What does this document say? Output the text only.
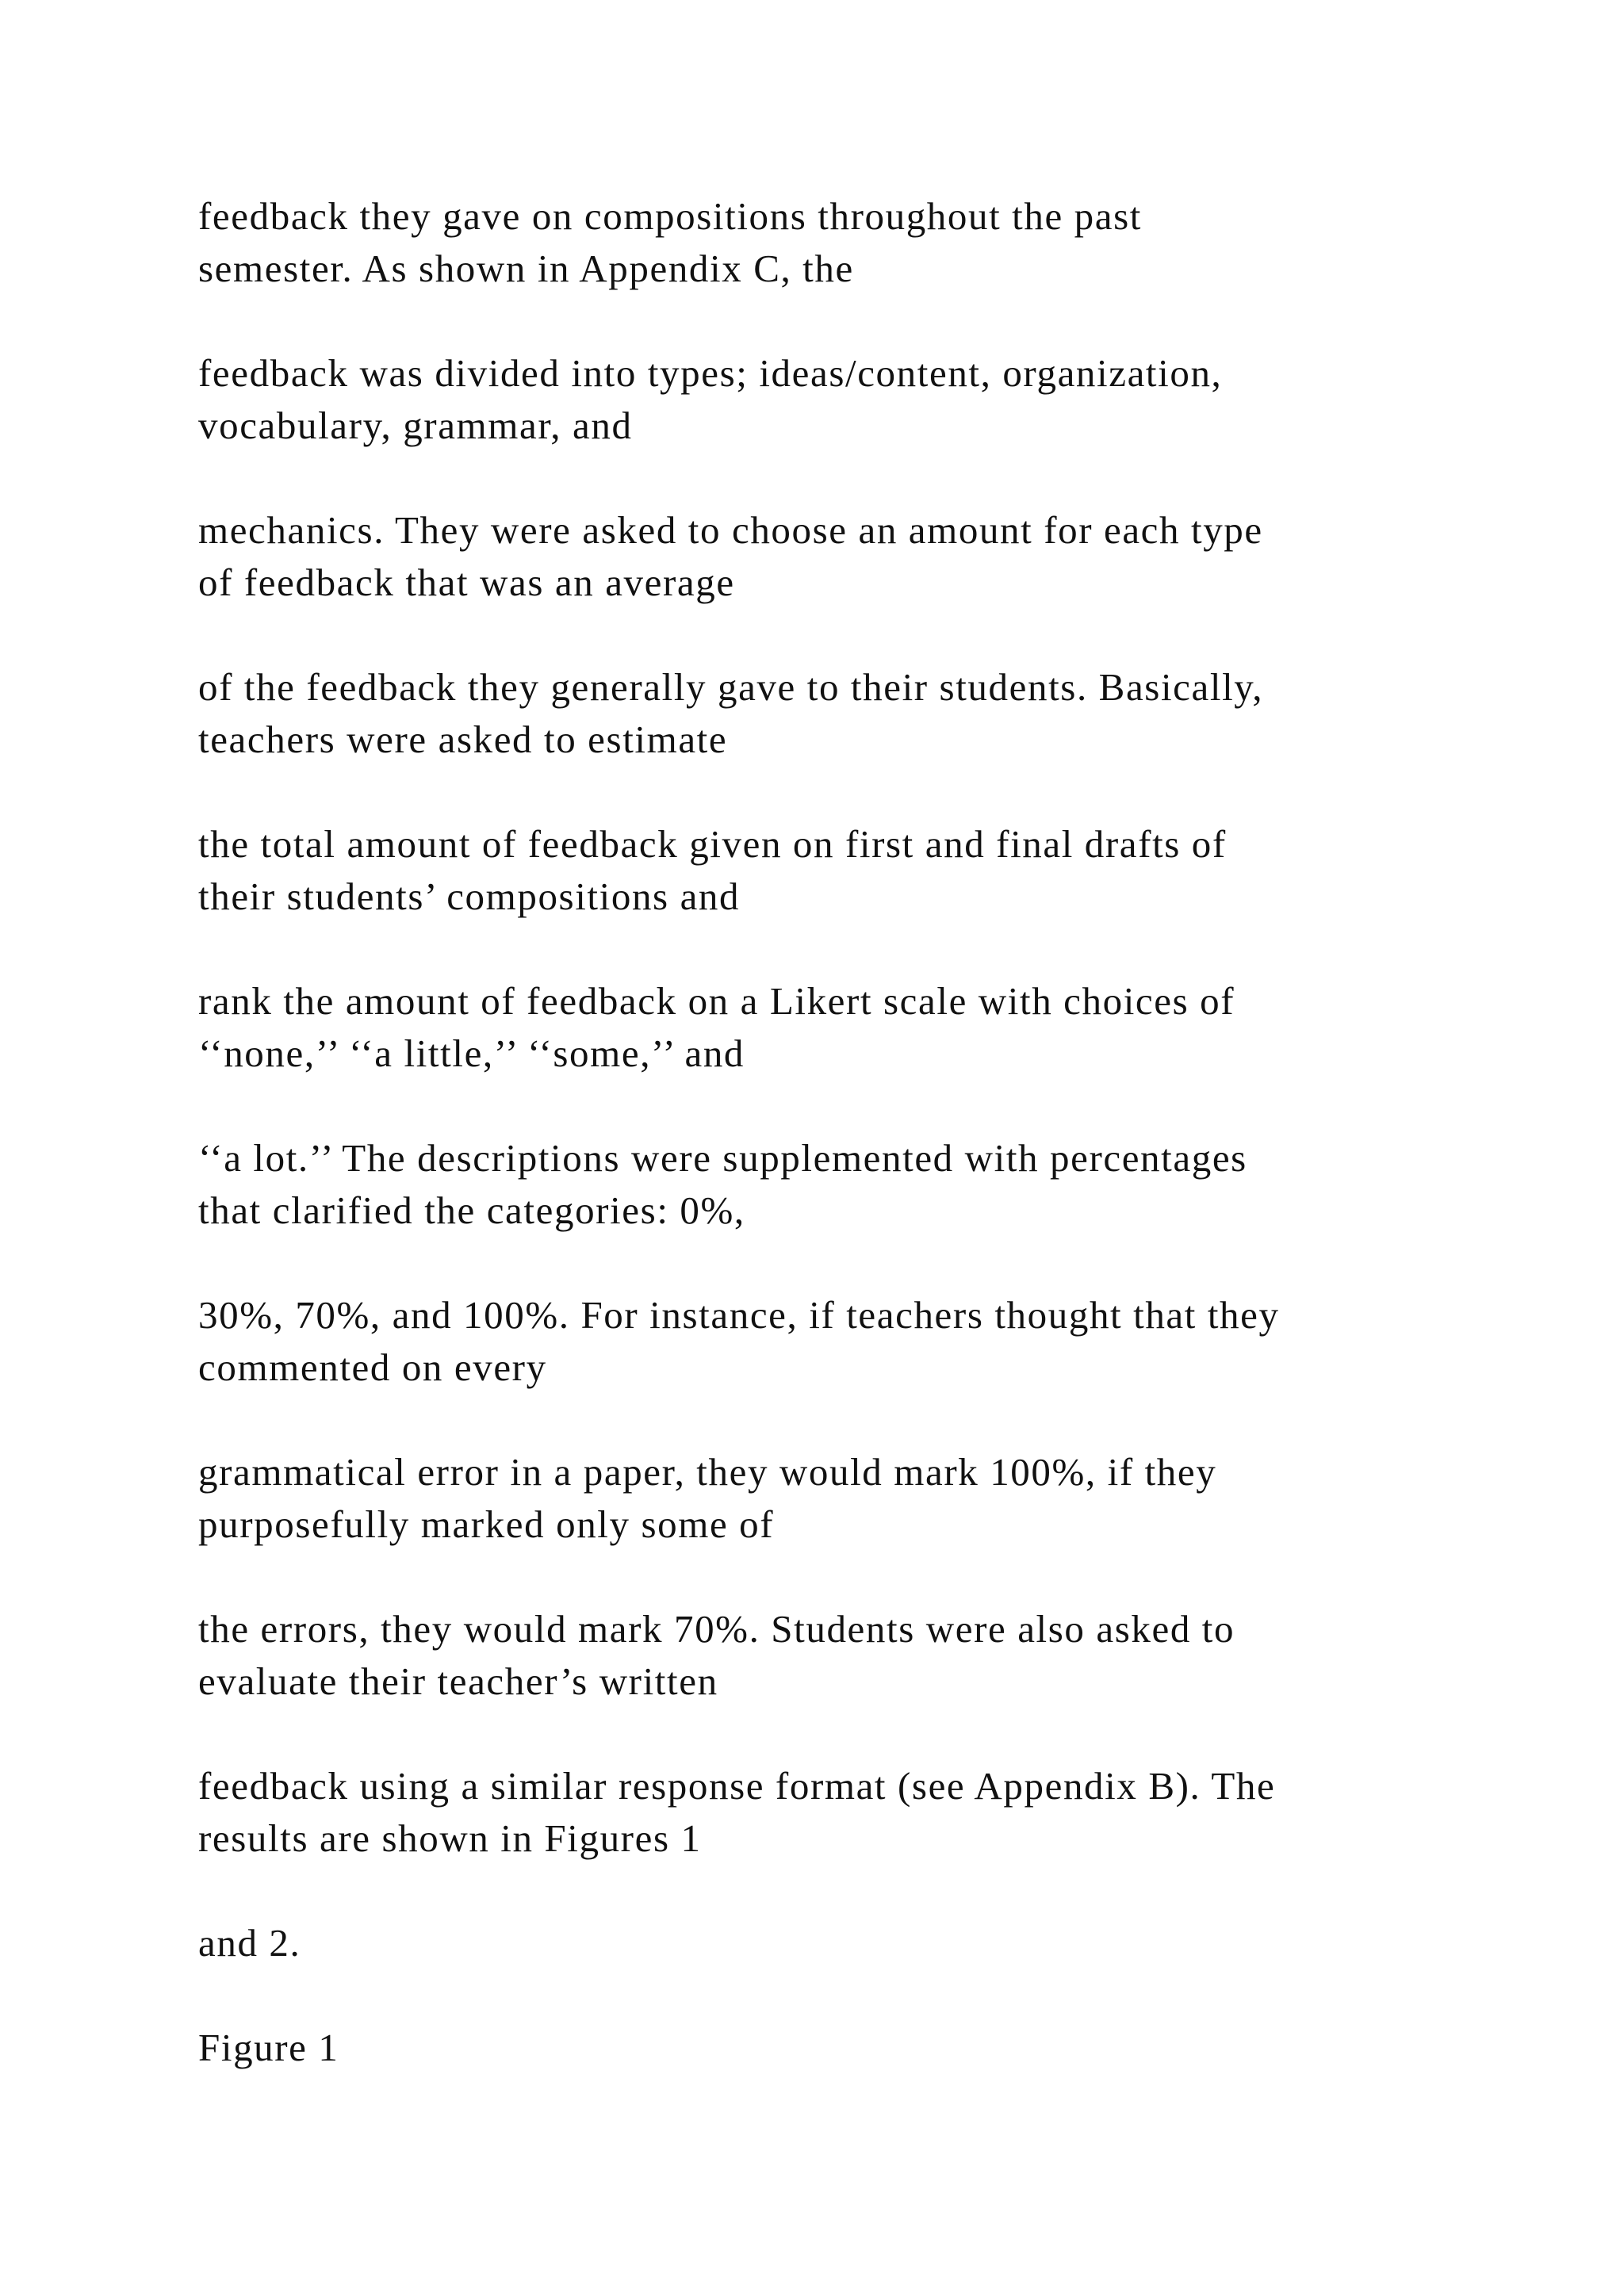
feedback they gave on compositions throughout the past
semester. As shown in Appendix C, the

feedback was divided into types; ideas/content, organization,
vocabulary, grammar, and

mechanics. They were asked to choose an amount for each type
of feedback that was an average

of the feedback they generally gave to their students. Basically,
teachers were asked to estimate

the total amount of feedback given on first and final drafts of
their students’ compositions and

rank the amount of feedback on a Likert scale with choices of
‘‘none,’’ ‘‘a little,’’ ‘‘some,’’ and

‘‘a lot.’’ The descriptions were supplemented with percentages
that clarified the categories: 0%,

30%, 70%, and 100%. For instance, if teachers thought that they
commented on every

grammatical error in a paper, they would mark 100%, if they
purposefully marked only some of

the errors, they would mark 70%. Students were also asked to
evaluate their teacher’s written

feedback using a similar response format (see Appendix B). The
results are shown in Figures 1

and 2.

Figure 1
